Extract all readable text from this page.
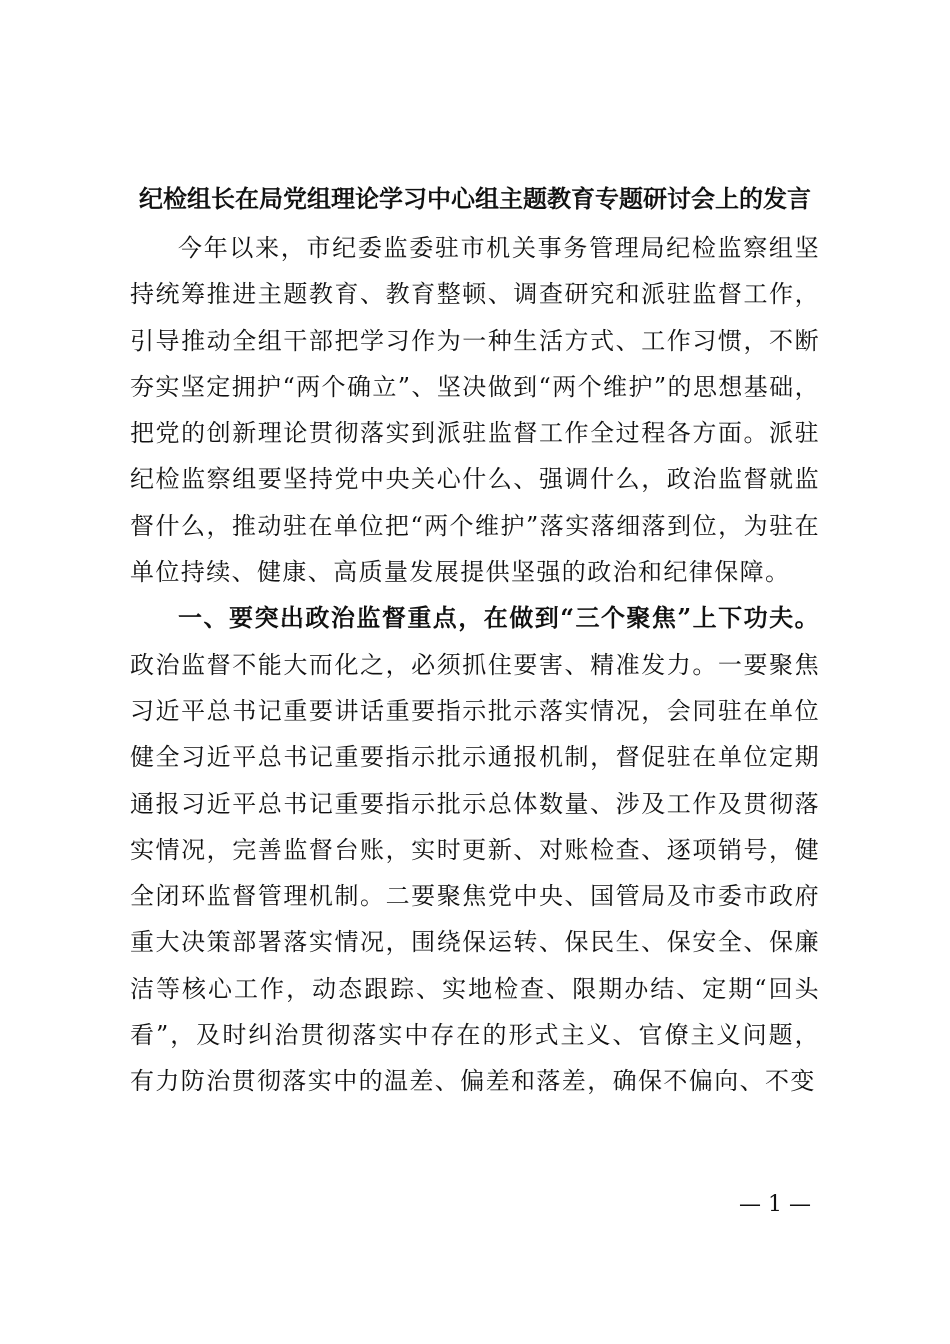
纪检组长在局党组理论学习中心组主题教育专题研讨会上的发言

今年以来，市纪委监委驻市机关事务管理局纪检监察组坚持统筹推进主题教育、教育整顿、调查研究和派驻监督工作，引导推动全组干部把学习作为一种生活方式、工作习惯，不断夯实坚定拥护“两个确立”、坚决做到“两个维护”的思想基础，把党的创新理论贯彻落实到派驻监督工作全过程各方面。派驻纪检监察组要坚持党中央关心什么、强调什么，政治监督就监督什么，推动驻在单位把“两个维护”落实落细落到位，为驻在单位持续、健康、高质量发展提供坚强的政治和纪律保障。

一、要突出政治监督重点，在做到“三个聚焦”上下功夫。政治监督不能大而化之，必须抓住要害、精准发力。一要聚焦习近平总书记重要讲话重要指示批示落实情况，会同驻在单位健全习近平总书记重要指示批示通报机制，督促驻在单位定期通报习近平总书记重要指示批示总体数量、涉及工作及贯彻落实情况，完善监督台账，实时更新、对账检查、逐项销号，健全闭环监督管理机制。二要聚焦党中央、国管局及市委市政府重大决策部署落实情况，围绕保运转、保民生、保安全、保廉洁等核心工作，动态跟踪、实地检查、限期办结、定期“回头看”，及时纠治贯彻落实中存在的形式主义、官僚主义问题，有力防治贯彻落实中的温差、偏差和落差，确保不偏向、不变

— 1 —
